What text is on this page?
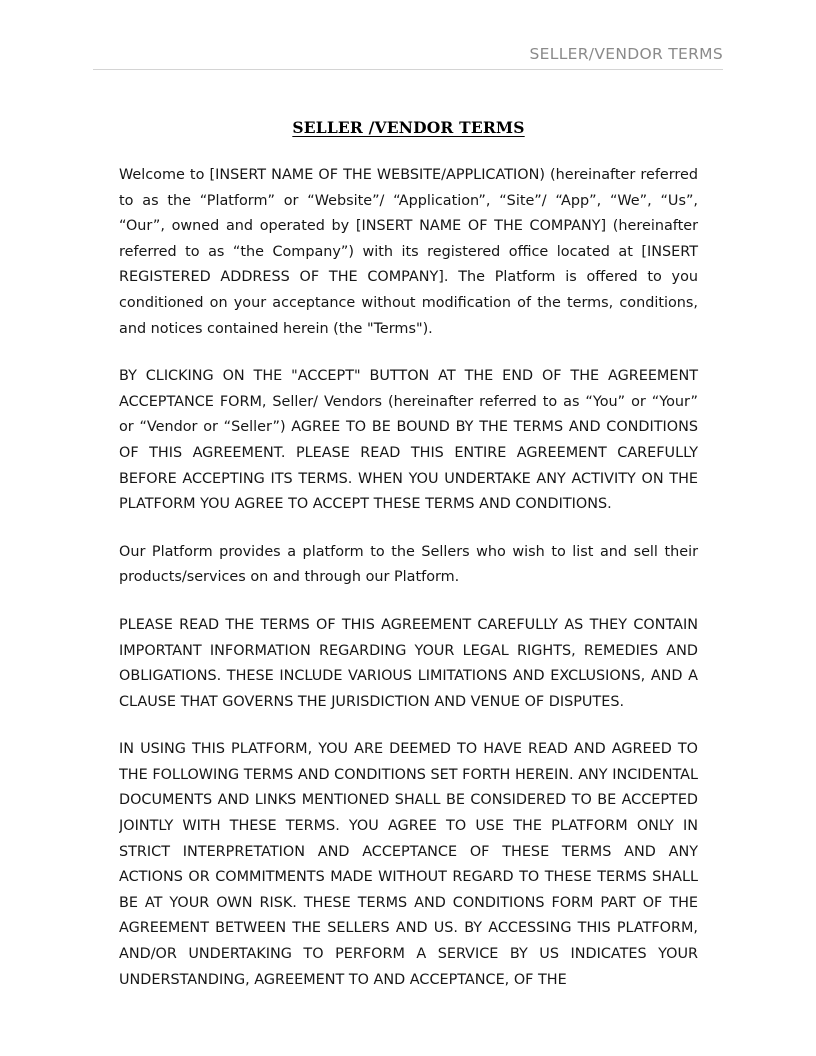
SELLER/VENDOR TERMS
SELLER /VENDOR TERMS

Welcome to [INSERT NAME OF THE WEBSITE/APPLICATION) (hereinafter referred to as the “Platform” or “Website”/ “Application”, “Site”/ “App”, “We”, “Us”, “Our”, owned and operated by [INSERT NAME OF THE COMPANY] (hereinafter referred to as “the Company”) with its registered office located at [INSERT REGISTERED ADDRESS OF THE COMPANY]. The Platform is offered to you conditioned on your acceptance without modification of the terms, conditions, and notices contained herein (the "Terms").

BY CLICKING ON THE "ACCEPT" BUTTON AT THE END OF THE AGREEMENT ACCEPTANCE FORM, Seller/ Vendors (hereinafter referred to as “You” or “Your” or “Vendor or “Seller”) AGREE TO BE BOUND BY THE TERMS AND CONDITIONS OF THIS AGREEMENT. PLEASE READ THIS ENTIRE AGREEMENT CAREFULLY BEFORE ACCEPTING ITS TERMS. WHEN YOU UNDERTAKE ANY ACTIVITY ON THE PLATFORM YOU AGREE TO ACCEPT THESE TERMS AND CONDITIONS.

Our Platform provides a platform to the Sellers who wish to list and sell their products/services on and through our Platform.

PLEASE READ THE TERMS OF THIS AGREEMENT CAREFULLY AS THEY CONTAIN IMPORTANT INFORMATION REGARDING YOUR LEGAL RIGHTS, REMEDIES AND OBLIGATIONS. THESE INCLUDE VARIOUS LIMITATIONS AND EXCLUSIONS, AND A CLAUSE THAT GOVERNS THE JURISDICTION AND VENUE OF DISPUTES.

IN USING THIS PLATFORM, YOU ARE DEEMED TO HAVE READ AND AGREED TO THE FOLLOWING TERMS AND CONDITIONS SET FORTH HEREIN. ANY INCIDENTAL DOCUMENTS AND LINKS MENTIONED SHALL BE CONSIDERED TO BE ACCEPTED JOINTLY WITH THESE TERMS. YOU AGREE TO USE THE PLATFORM ONLY IN STRICT INTERPRETATION AND ACCEPTANCE OF THESE TERMS AND ANY ACTIONS OR COMMITMENTS MADE WITHOUT REGARD TO THESE TERMS SHALL BE AT YOUR OWN RISK. THESE TERMS AND CONDITIONS FORM PART OF THE AGREEMENT BETWEEN THE SELLERS AND US. BY ACCESSING THIS PLATFORM, AND/OR UNDERTAKING TO PERFORM A SERVICE BY US INDICATES YOUR UNDERSTANDING, AGREEMENT TO AND ACCEPTANCE, OF THE
